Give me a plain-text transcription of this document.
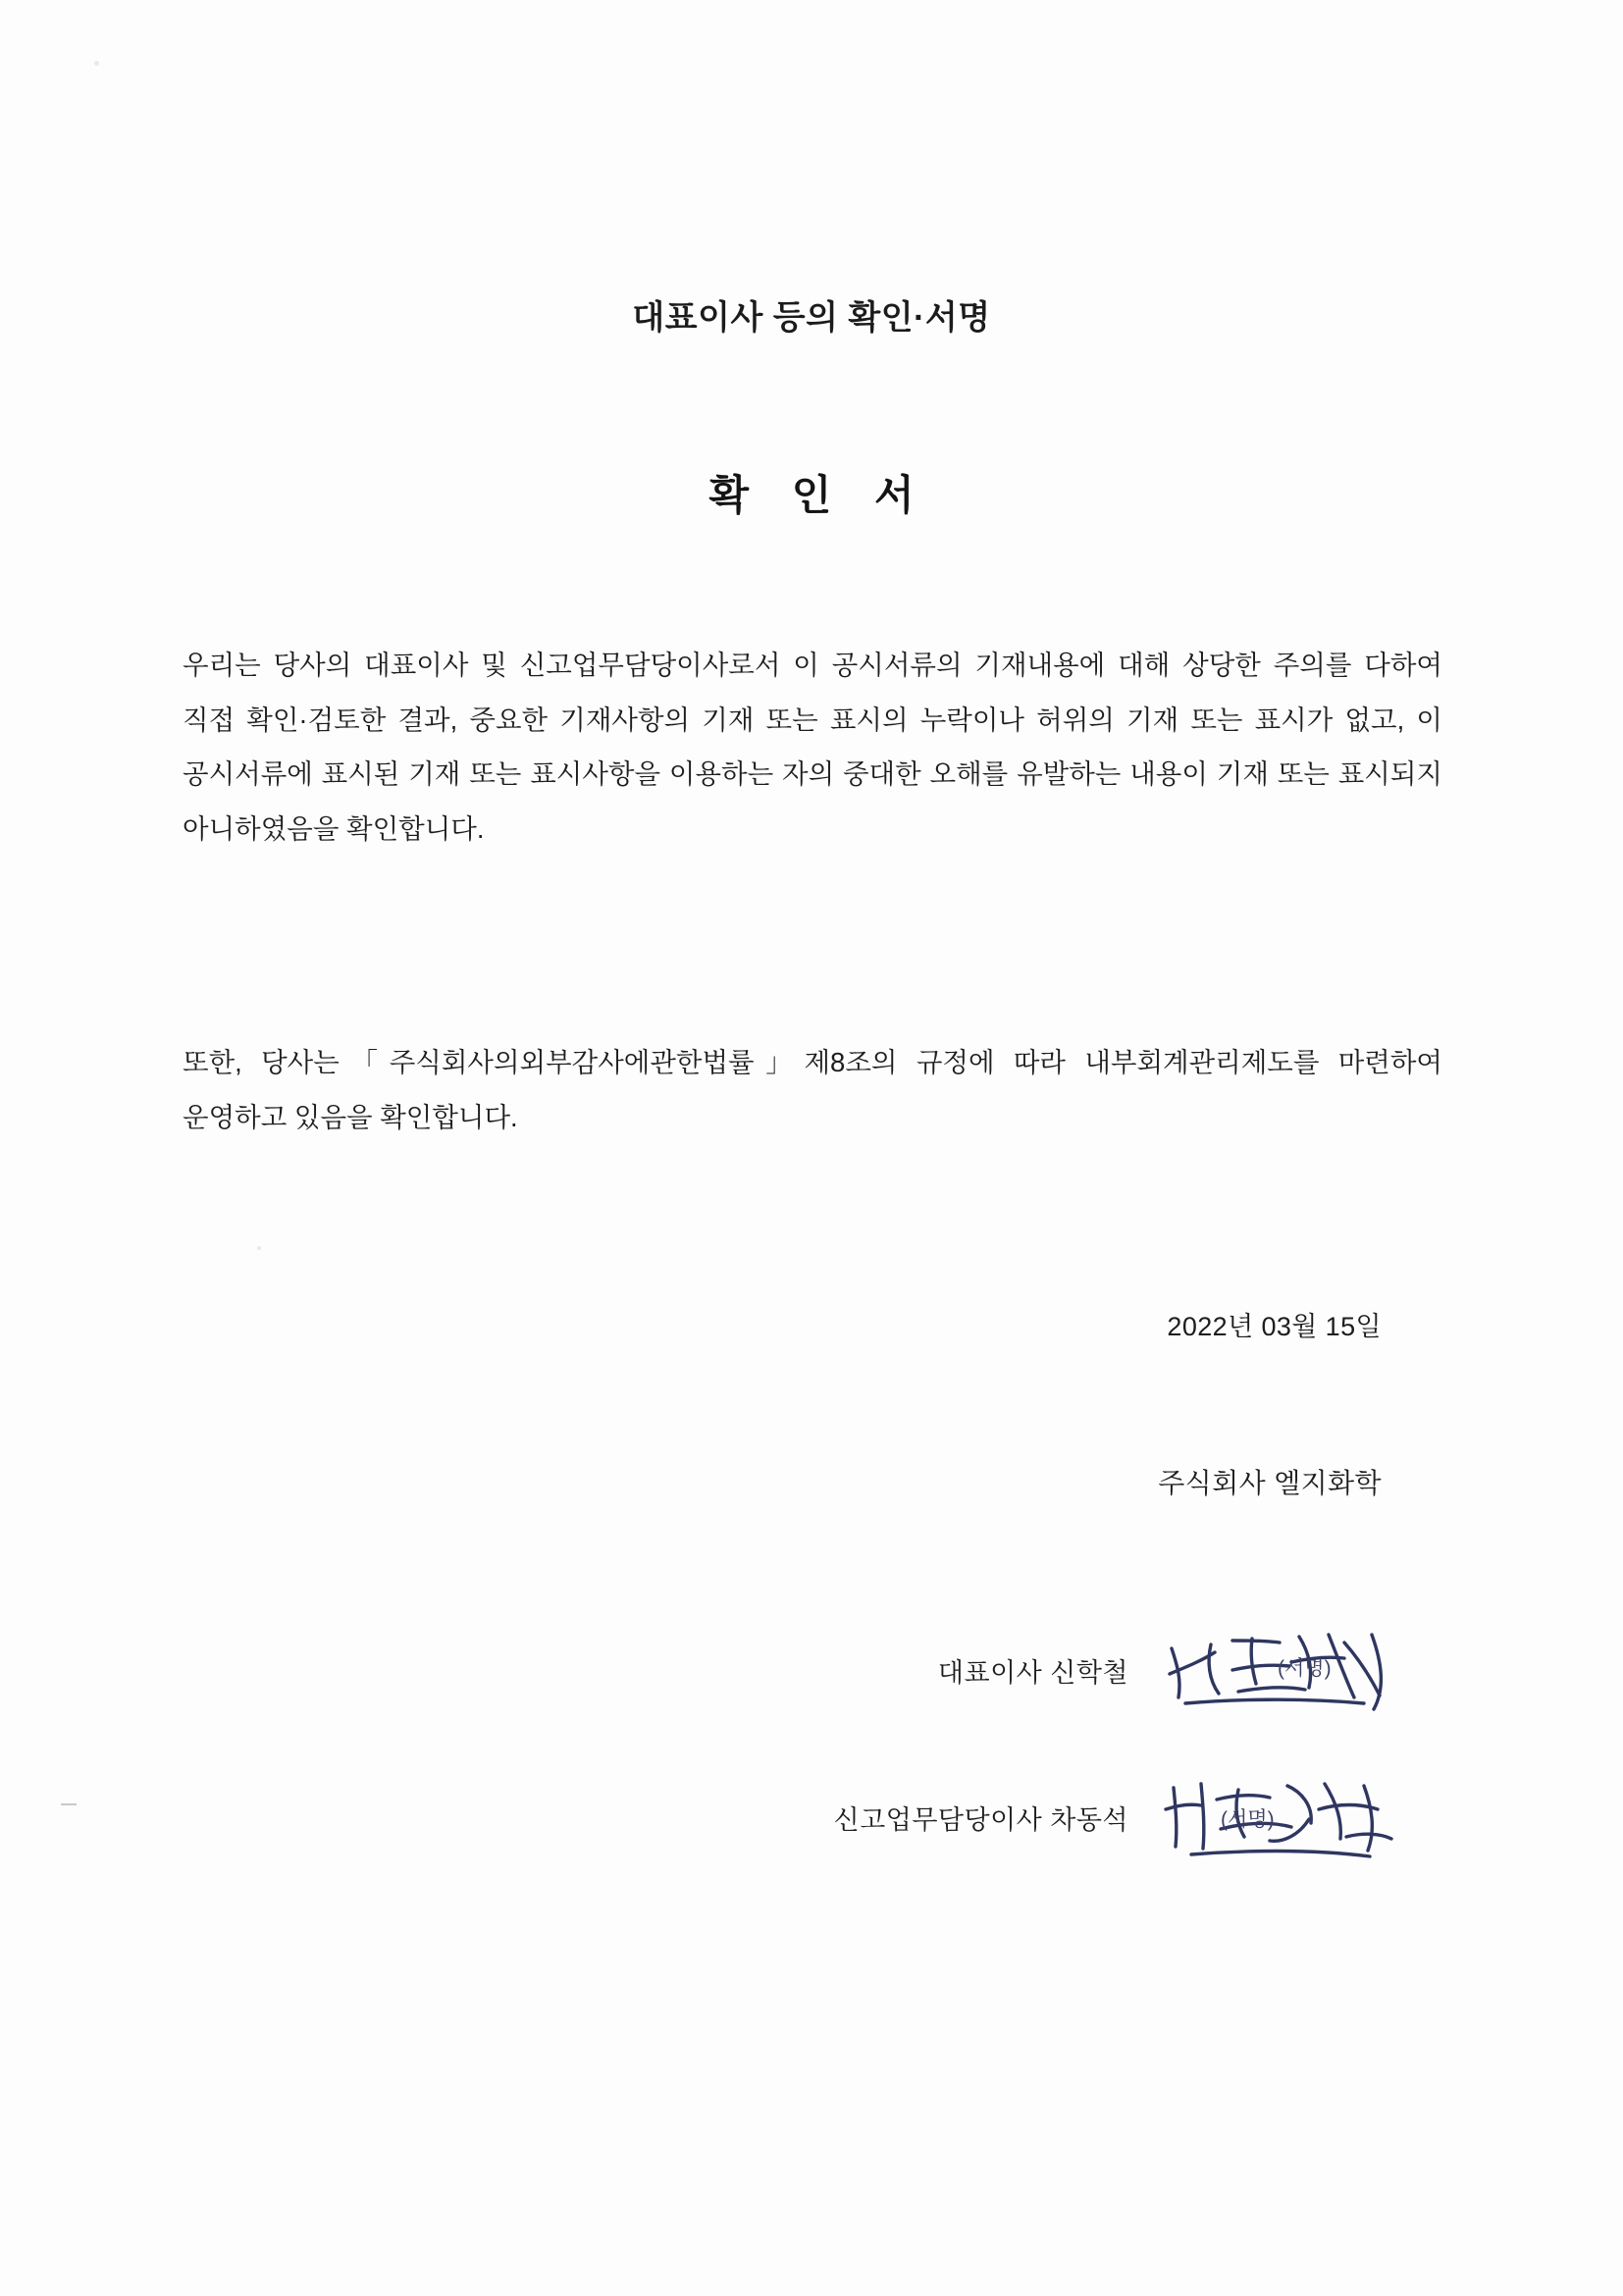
대표이사 등의 확인·서명
확 인 서
우리는 당사의 대표이사 및 신고업무담당이사로서 이 공시서류의 기재내용에 대해 상당한 주의를 다하여 직접 확인·검토한 결과, 중요한 기재사항의 기재 또는 표시의 누락이나 허위의 기재 또는 표시가 없고, 이 공시서류에 표시된 기재 또는 표시사항을 이용하는 자의 중대한 오해를 유발하는 내용이 기재 또는 표시되지 아니하였음을 확인합니다.
또한, 당사는「주식회사의외부감사에관한법률」제8조의 규정에 따라 내부회계관리제도를 마련하여 운영하고 있음을 확인합니다.
2022년 03월 15일
주식회사 엘지화학
대표이사 신학철	(서명)
신고업무담당이사 차동석	(서명)
